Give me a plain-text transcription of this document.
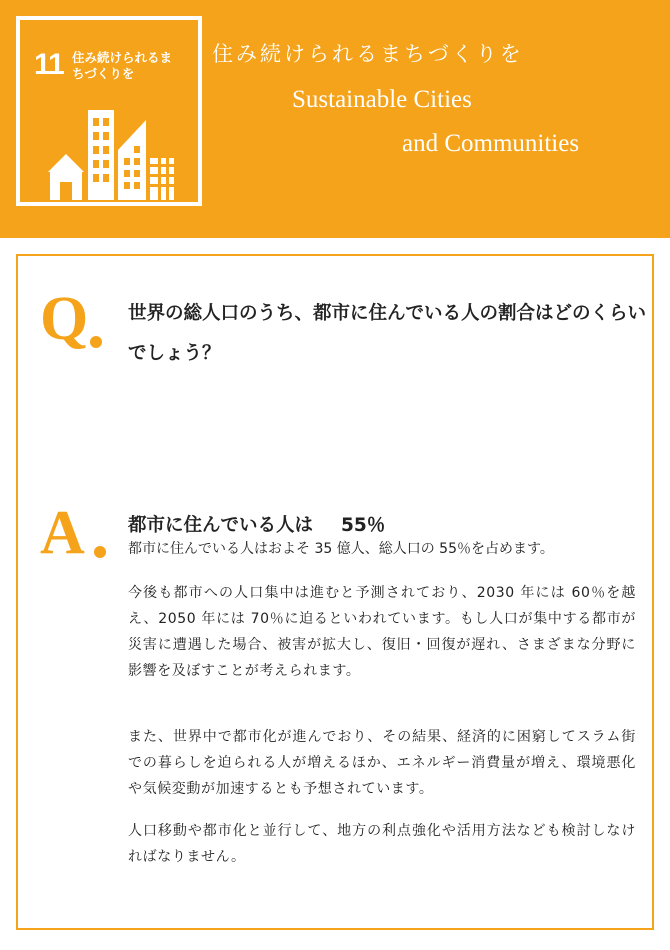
11 住み続けられるまちづくりを
住み続けられるまちづくりを
Sustainable Cities
and Communities
Q 世界の総人口のうち、都市に住んでいる人の割合はどのくらいでしょう？
A 都市に住んでいる人は 55％
都市に住んでいる人はおよそ 35 億人、総人口の 55％を占めます。
今後も都市への人口集中は進むと予測されており、2030 年には 60％を越え、2050 年には 70％に迫るといわれています。もし人口が集中する都市が災害に遭遇した場合、被害が拡大し、復旧・回復が遅れ、さまざまな分野に影響を及ぼすことが考えられます。
また、世界中で都市化が進んでおり、その結果、経済的に困窮してスラム街での暮らしを迫られる人が増えるほか、エネルギー消費量が増え、環境悪化や気候変動が加速するとも予想されています。
人口移動や都市化と並行して、地方の利点強化や活用方法なども検討しなければなりません。
